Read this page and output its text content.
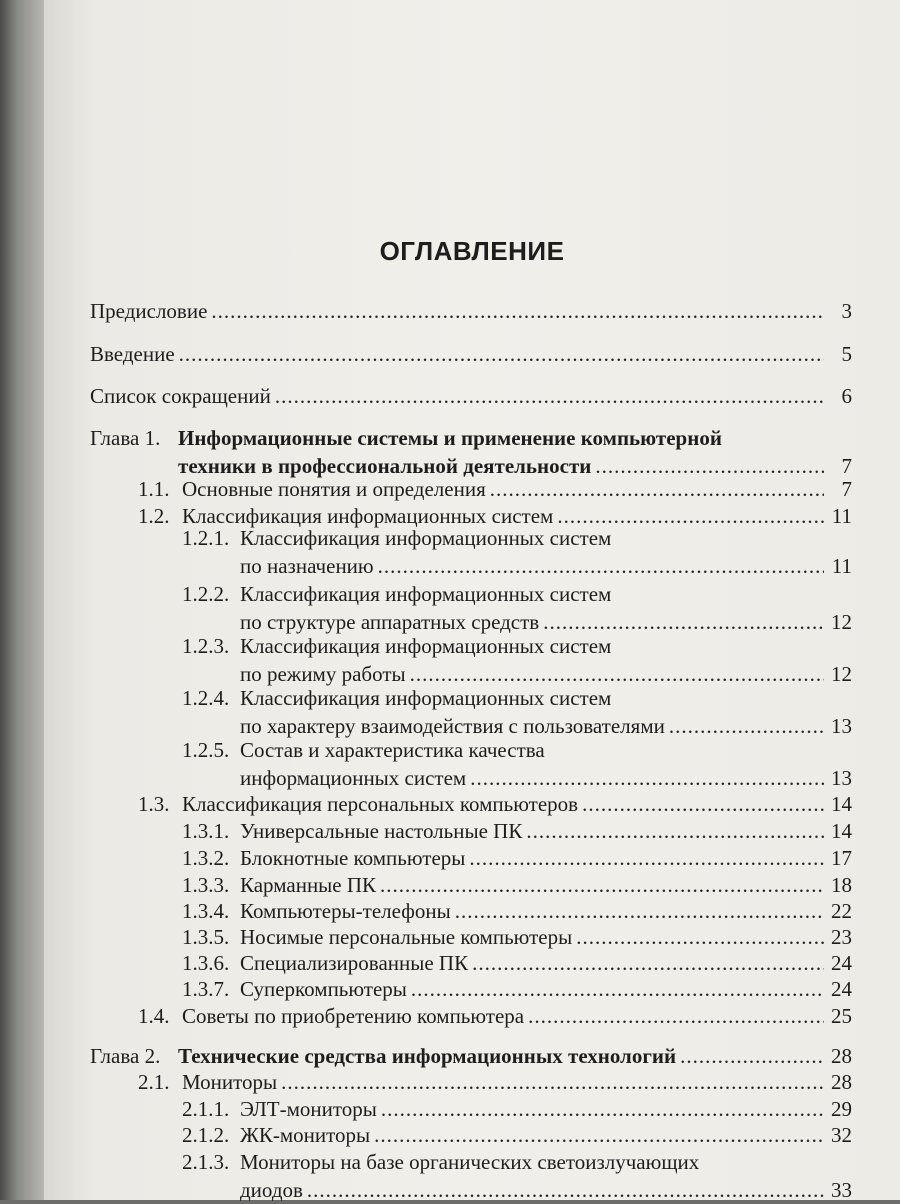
ОГЛАВЛЕНИЕ
Предисловие .....	3
Введение .....	5
Список сокращений .....	6
Глава 1. Информационные системы и применение компьютерной
техники в профессиональной деятельности .....	7
1.1. Основные понятия и определения .....	7
1.2. Классификация информационных систем .....	11
1.2.1. Классификация информационных систем
по назначению .....	11
1.2.2. Классификация информационных систем
по структуре аппаратных средств .....	12
1.2.3. Классификация информационных систем
по режиму работы .....	12
1.2.4. Классификация информационных систем
по характеру взаимодействия с пользователями .....	13
1.2.5. Состав и характеристика качества
информационных систем .....	13
1.3. Классификация персональных компьютеров .....	14
1.3.1. Универсальные настольные ПК .....	14
1.3.2. Блокнотные компьютеры .....	17
1.3.3. Карманные ПК .....	18
1.3.4. Компьютеры-телефоны .....	22
1.3.5. Носимые персональные компьютеры .....	23
1.3.6. Специализированные ПК .....	24
1.3.7. Суперкомпьютеры .....	24
1.4. Советы по приобретению компьютера .....	25
Глава 2. Технические средства информационных технологий .....	28
2.1. Мониторы .....	28
2.1.1. ЭЛТ-мониторы .....	29
2.1.2. ЖК-мониторы .....	32
2.1.3. Мониторы на базе органических светоизлучающих
диодов .....	33
